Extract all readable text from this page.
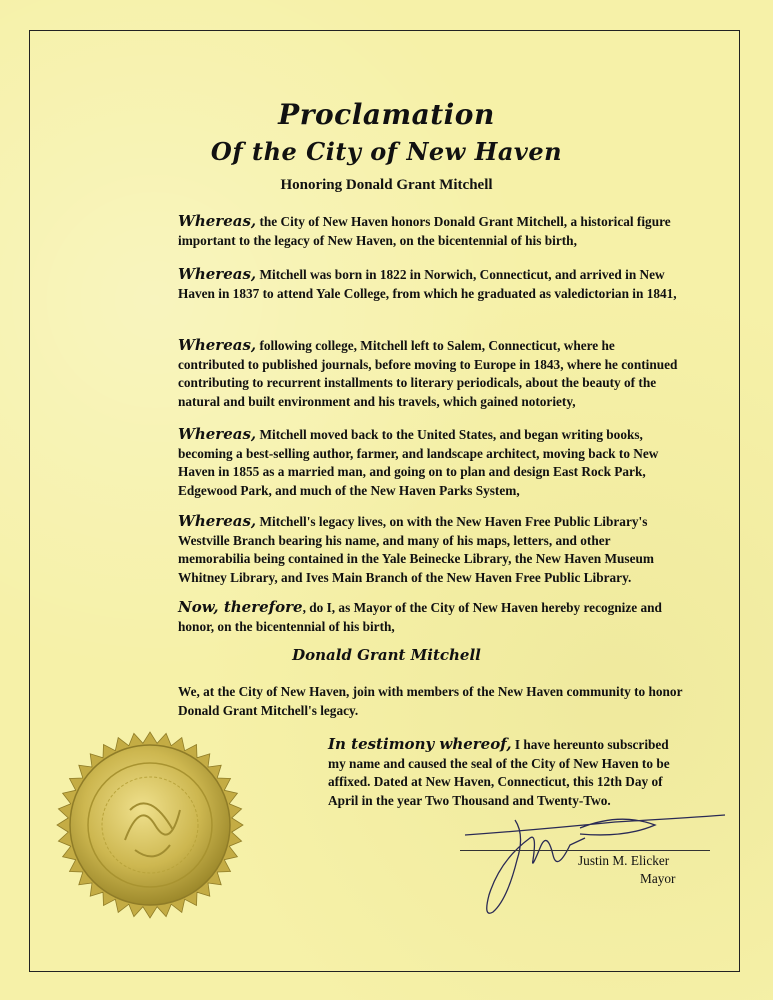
Proclamation
Of the City of New Haven
Honoring Donald Grant Mitchell
Whereas, the City of New Haven honors Donald Grant Mitchell, a historical figure important to the legacy of New Haven, on the bicentennial of his birth,
Whereas, Mitchell was born in 1822 in Norwich, Connecticut, and arrived in New Haven in 1837 to attend Yale College, from which he graduated as valedictorian in 1841,
Whereas, following college, Mitchell left to Salem, Connecticut, where he contributed to published journals, before moving to Europe in 1843, where he continued contributing to recurrent installments to literary periodicals, about the beauty of the natural and built environment and his travels, which gained notoriety,
Whereas, Mitchell moved back to the United States, and began writing books, becoming a best-selling author, farmer, and landscape architect, moving back to New Haven in 1855 as a married man, and going on to plan and design East Rock Park, Edgewood Park, and much of the New Haven Parks System,
Whereas, Mitchell's legacy lives, on with the New Haven Free Public Library's Westville Branch bearing his name, and many of his maps, letters, and other memorabilia being contained in the Yale Beinecke Library, the New Haven Museum Whitney Library, and Ives Main Branch of the New Haven Free Public Library.
Now, therefore, do I, as Mayor of the City of New Haven hereby recognize and honor, on the bicentennial of his birth,
Donald Grant Mitchell
We, at the City of New Haven, join with members of the New Haven community to honor Donald Grant Mitchell's legacy.
In testimony whereof, I have hereunto subscribed my name and caused the seal of the City of New Haven to be affixed. Dated at New Haven, Connecticut, this 12th Day of April in the year Two Thousand and Twenty-Two.
Justin M. Elicker
Mayor
